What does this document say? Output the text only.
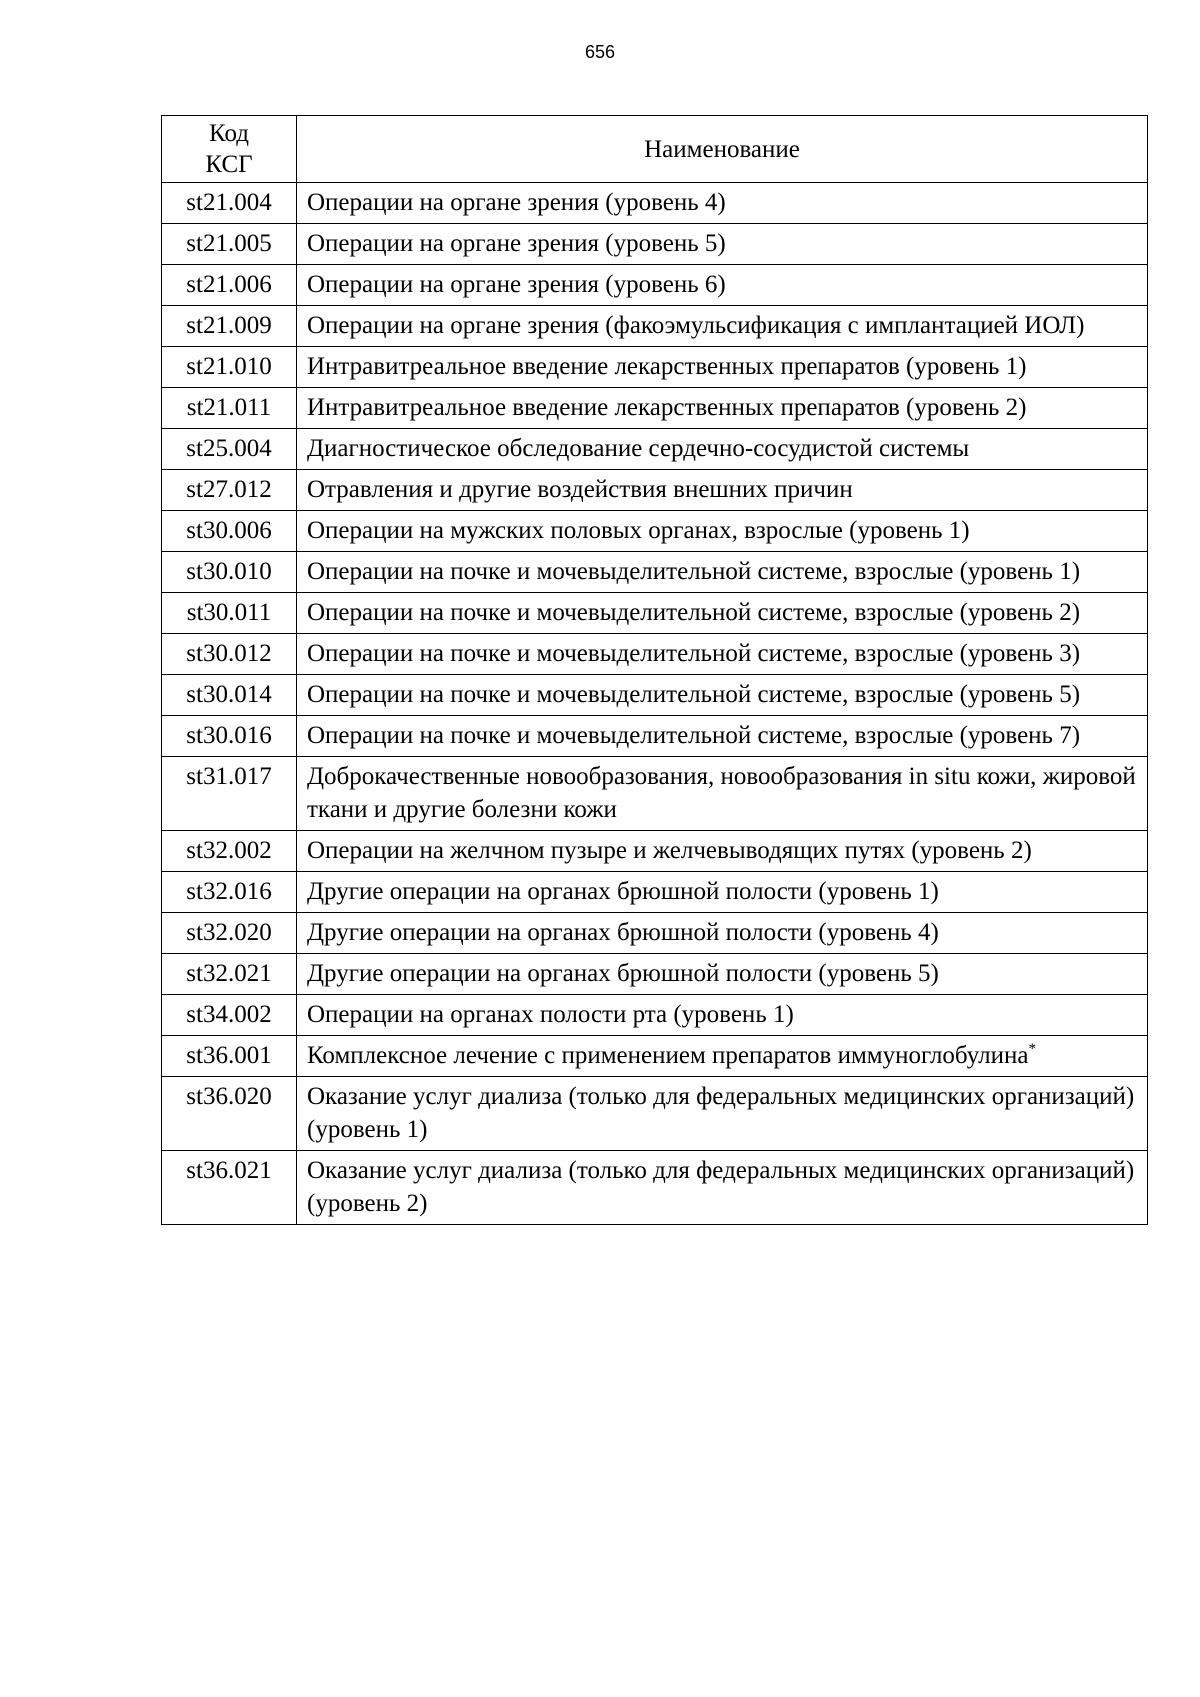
656
Код
КСГ	Наименование
st21.004	Операции на органе зрения (уровень 4)
st21.005	Операции на органе зрения (уровень 5)
st21.006	Операции на органе зрения (уровень 6)
st21.009	Операции на органе зрения (факоэмульсификация с имплантацией ИОЛ)
st21.010	Интравитреальное введение лекарственных препаратов (уровень 1)
st21.011	Интравитреальное введение лекарственных препаратов (уровень 2)
st25.004	Диагностическое обследование сердечно-сосудистой системы
st27.012	Отравления и другие воздействия внешних причин
st30.006	Операции на мужских половых органах, взрослые (уровень 1)
st30.010	Операции на почке и мочевыделительной системе, взрослые (уровень 1)
st30.011	Операции на почке и мочевыделительной системе, взрослые (уровень 2)
st30.012	Операции на почке и мочевыделительной системе, взрослые (уровень 3)
st30.014	Операции на почке и мочевыделительной системе, взрослые (уровень 5)
st30.016	Операции на почке и мочевыделительной системе, взрослые (уровень 7)
st31.017	Доброкачественные новообразования, новообразования in situ кожи, жировой ткани и другие болезни кожи
st32.002	Операции на желчном пузыре и желчевыводящих путях (уровень 2)
st32.016	Другие операции на органах брюшной полости (уровень 1)
st32.020	Другие операции на органах брюшной полости (уровень 4)
st32.021	Другие операции на органах брюшной полости (уровень 5)
st34.002	Операции на органах полости рта (уровень 1)
st36.001	Комплексное лечение с применением препаратов иммуноглобулина*
st36.020	Оказание услуг диализа (только для федеральных медицинских организаций) (уровень 1)
st36.021	Оказание услуг диализа (только для федеральных медицинских организаций) (уровень 2)
